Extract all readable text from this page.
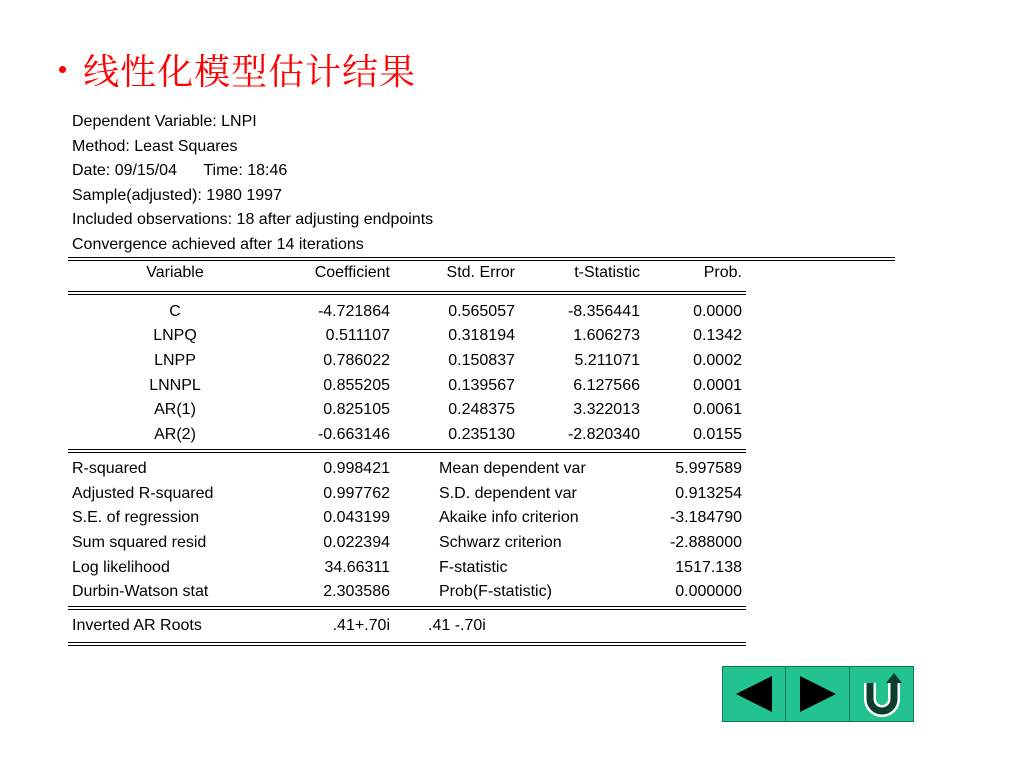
• 线性化模型估计结果
Dependent Variable: LNPI
Method: Least Squares
Date: 09/15/04      Time: 18:46
Sample(adjusted): 1980 1997
Included observations: 18 after adjusting endpoints
Convergence achieved after 14 iterations
Variable	Coefficient	Std. Error	t-Statistic	Prob.
C	-4.721864	0.565057	-8.356441	0.0000
LNPQ	0.511107	0.318194	1.606273	0.1342
LNPP	0.786022	0.150837	5.211071	0.0002
LNNPL	0.855205	0.139567	6.127566	0.0001
AR(1)	0.825105	0.248375	3.322013	0.0061
AR(2)	-0.663146	0.235130	-2.820340	0.0155
R-squared	0.998421	Mean dependent var	5.997589
Adjusted R-squared	0.997762	S.D. dependent var	0.913254
S.E. of regression	0.043199	Akaike info criterion	-3.184790
Sum squared resid	0.022394	Schwarz criterion	-2.888000
Log likelihood	34.66311	F-statistic	1517.138
Durbin-Watson stat	2.303586	Prob(F-statistic)	0.000000
Inverted AR Roots	.41+.70i .41 -.70i
